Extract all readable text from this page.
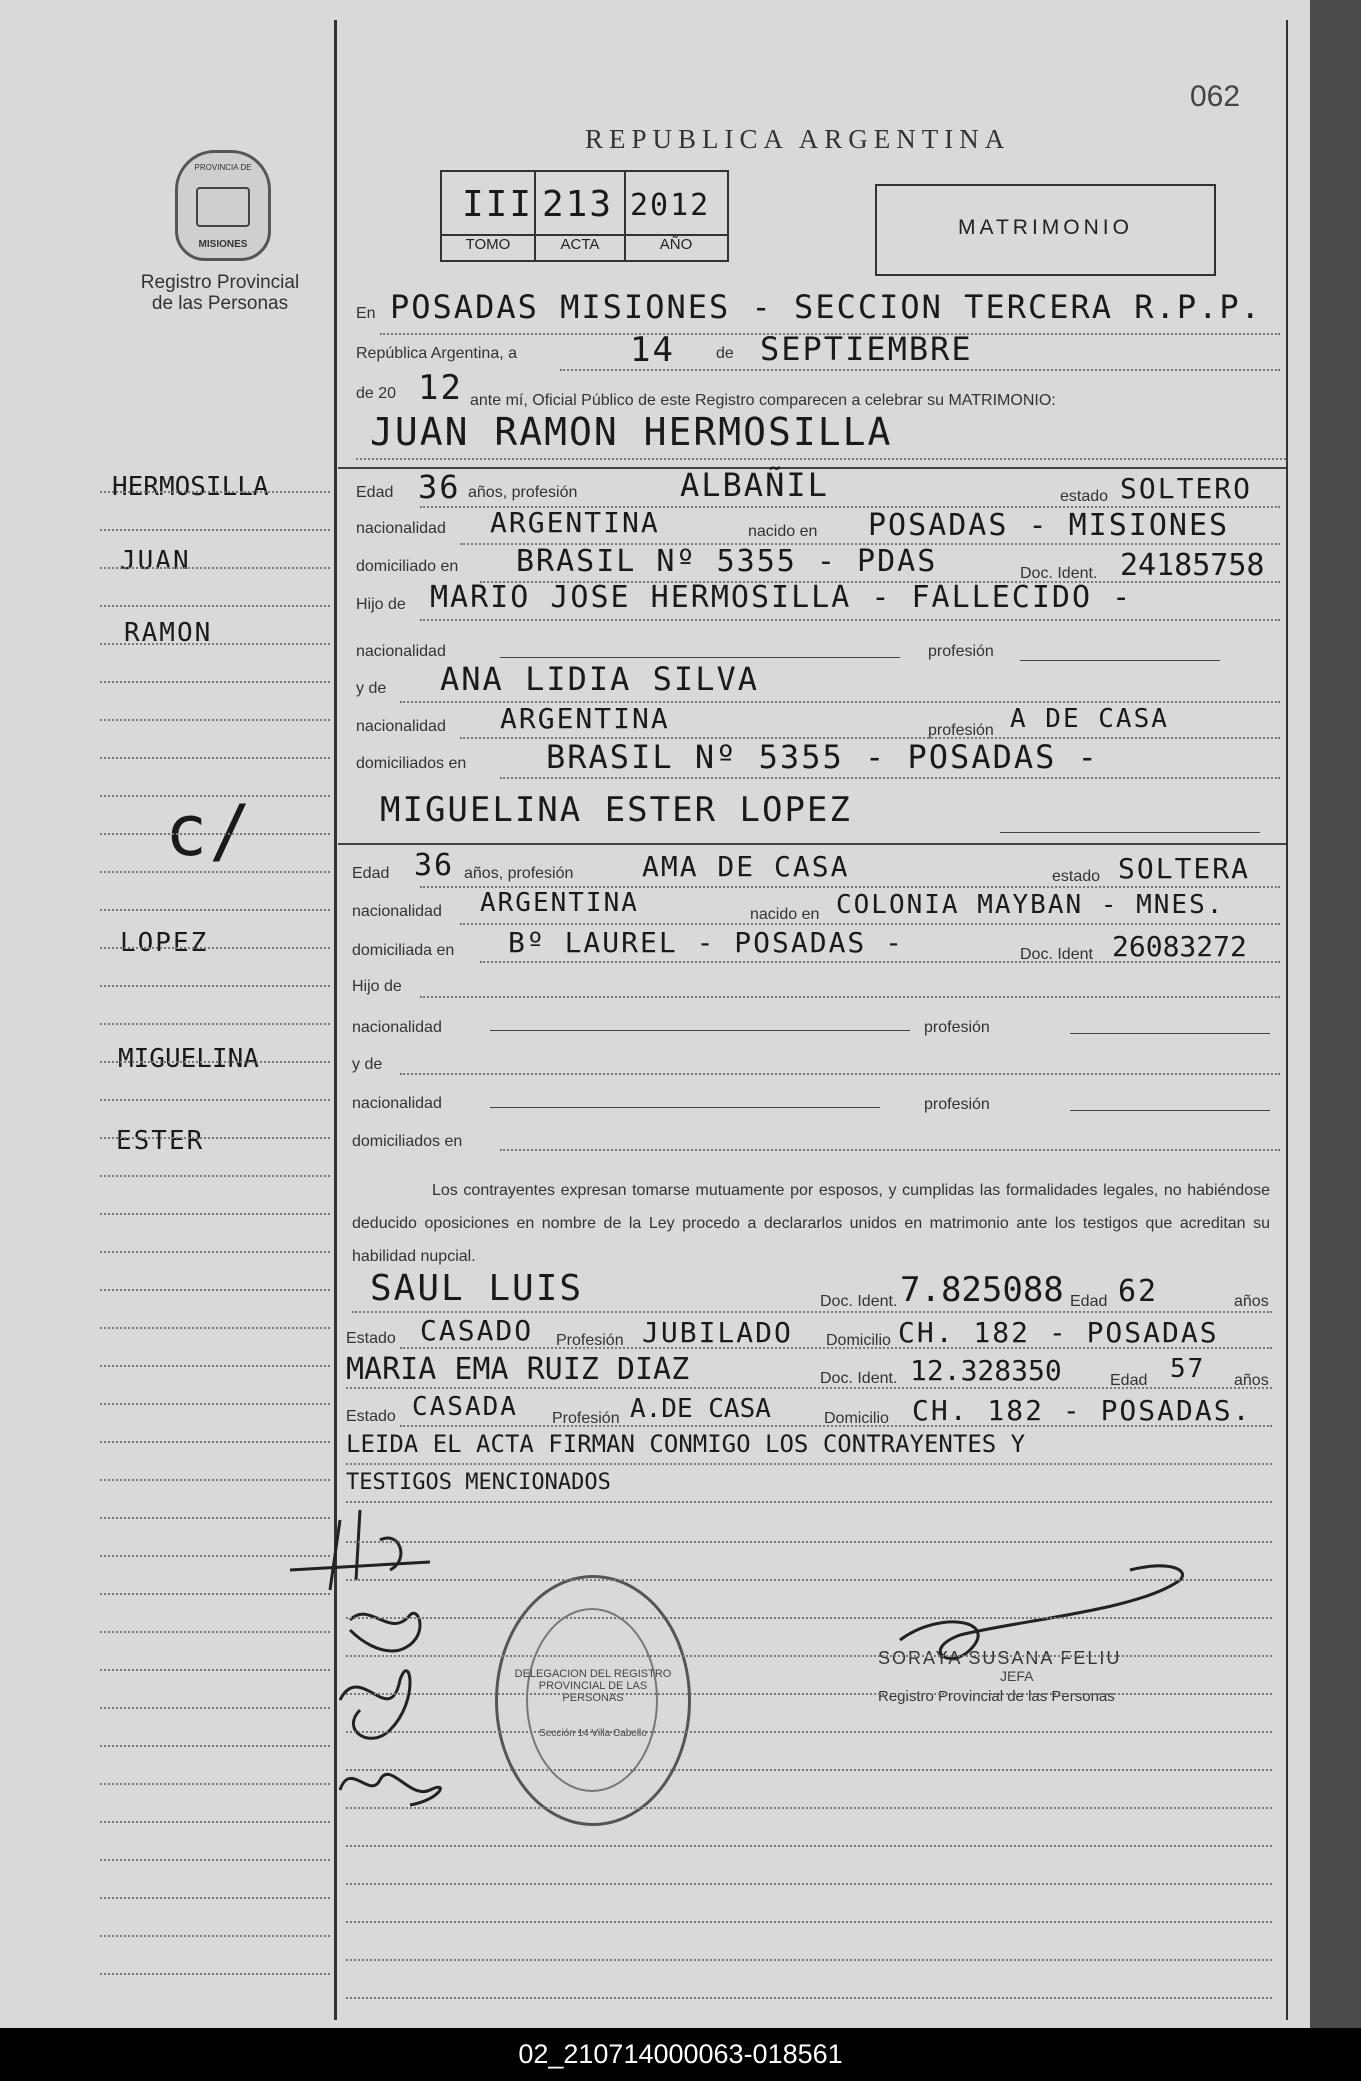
062
REPUBLICA ARGENTINA
PROVINCIA DE
MISIONES
Registro Provincial
de las Personas
III 213 2012
TOMO	ACTA	AÑO
MATRIMONIO
En POSADAS MISIONES - SECCION TERCERA R.P.P.
República Argentina, a	14	de SEPTIEMBRE
de 20 12 ante mí, Oficial Público de este Registro comparecen a celebrar su MATRIMONIO:
JUAN RAMON HERMOSILLA
Edad 36 años, profesión	ALBAÑIL	estado SOLTERO
nacionalidad ARGENTINA	nacido en POSADAS - MISIONES
domiciliado en BRASIL Nº 5355 - PDAS	Doc. Ident. 24185758
Hijo de MARIO JOSE HERMOSILLA - FALLECIDO -
nacionalidad	profesión
y de ANA LIDIA SILVA
nacionalidad ARGENTINA	profesión A DE CASA
domiciliados en BRASIL Nº 5355 - POSADAS -
MIGUELINA ESTER LOPEZ
Edad 36 años, profesión AMA DE CASA	estado SOLTERA
nacionalidad ARGENTINA	nacido en COLONIA MAYBAN - MNES.
domiciliada en Bº LAUREL - POSADAS -	Doc. Ident 26083272
Hijo de
nacionalidad	profesión
y de
nacionalidad	profesión
domiciliados en
Los contrayentes expresan tomarse mutuamente por esposos, y cumplidas las formalidades legales, no habiéndose deducido oposiciones en nombre de la Ley procedo a declararlos unidos en matrimonio ante los testigos que acreditan su habilidad nupcial.
SAUL LUIS	Doc. Ident. 7.825088 Edad 62	años
Estado CASADO Profesión JUBILADO Domicilio CH. 182 - POSADAS
MARIA EMA RUIZ DIAZ	Doc. Ident. 12.328350	Edad 57 años
Estado CASADA Profesión A.DE CASA	Domicilio CH. 182 - POSADAS.
LEIDA EL ACTA FIRMAN CONMIGO LOS CONTRAYENTES Y
TESTIGOS MENCIONADOS
DELEGACION DEL REGISTRO PROVINCIAL DE LAS PERSONAS
Sección 14 Villa Cabello
SORAYA SUSANA FELIU
JEFA
Registro Provincial de las Personas
HERMOSILLA
JUAN
RAMON
c/
LOPEZ
MIGUELINA
ESTER
02_210714000063-018561
